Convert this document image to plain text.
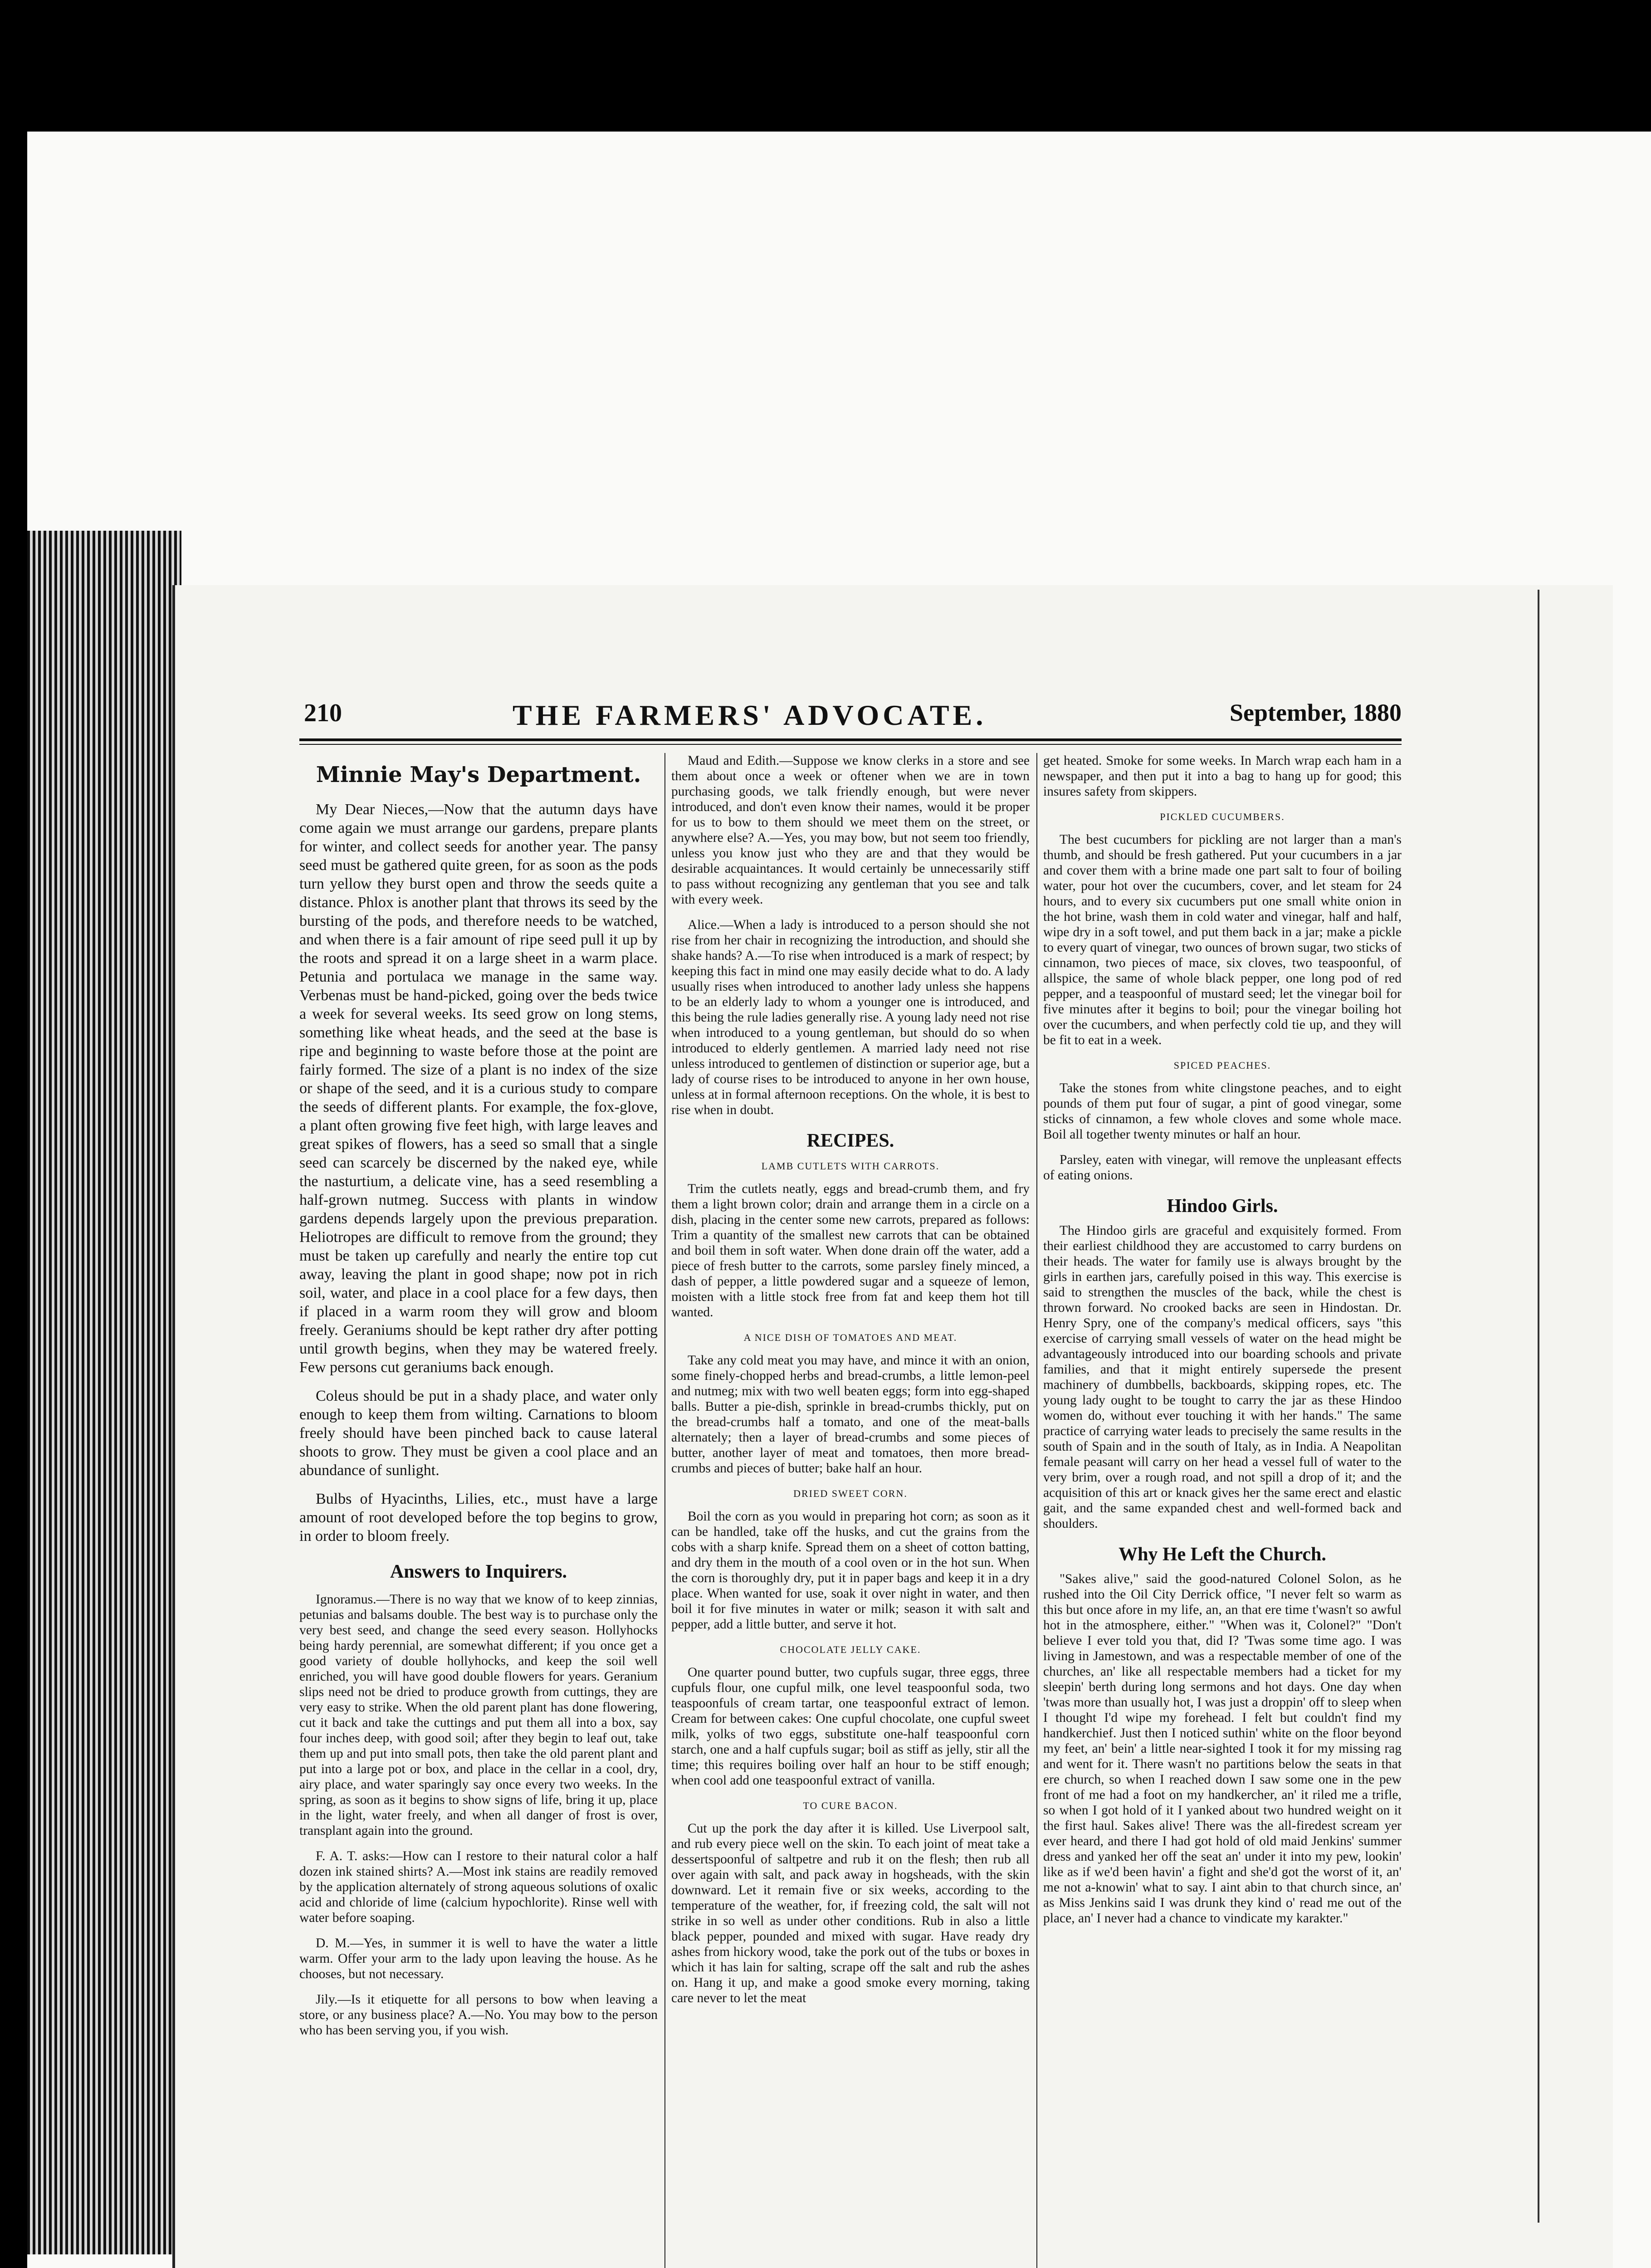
210	THE FARMERS' ADVOCATE.	September, 1880
Minnie May's Department.

My Dear Nieces,—Now that the autumn days have come again we must arrange our gardens, prepare plants for winter, and collect seeds for another year. The pansy seed must be gathered quite green, for as soon as the pods turn yellow they burst open and throw the seeds quite a distance. Phlox is another plant that throws its seed by the bursting of the pods, and therefore needs to be watched, and when there is a fair amount of ripe seed pull it up by the roots and spread it on a large sheet in a warm place. Petunia and portulaca we manage in the same way. Verbenas must be hand-picked, going over the beds twice a week for several weeks. Its seed grow on long stems, something like wheat heads, and the seed at the base is ripe and beginning to waste before those at the point are fairly formed. The size of a plant is no index of the size or shape of the seed, and it is a curious study to compare the seeds of different plants. For example, the fox-glove, a plant often growing five feet high, with large leaves and great spikes of flowers, has a seed so small that a single seed can scarcely be discerned by the naked eye, while the nasturtium, a delicate vine, has a seed resembling a half-grown nutmeg. Success with plants in window gardens depends largely upon the previous preparation. Heliotropes are difficult to remove from the ground; they must be taken up carefully and nearly the entire top cut away, leaving the plant in good shape; now pot in rich soil, water, and place in a cool place for a few days, then if placed in a warm room they will grow and bloom freely. Geraniums should be kept rather dry after potting until growth begins, when they may be watered freely. Few persons cut geraniums back enough.

Coleus should be put in a shady place, and water only enough to keep them from wilting. Carnations to bloom freely should have been pinched back to cause lateral shoots to grow. They must be given a cool place and an abundance of sunlight.

Bulbs of Hyacinths, Lilies, etc., must have a large amount of root developed before the top begins to grow, in order to bloom freely.

Answers to Inquirers.

Ignoramus.—There is no way that we know of to keep zinnias, petunias and balsams double. The best way is to purchase only the very best seed, and change the seed every season. Hollyhocks being hardy perennial, are somewhat different; if you once get a good variety of double hollyhocks, and keep the soil well enriched, you will have good double flowers for years. Geranium slips need not be dried to produce growth from cuttings, they are very easy to strike. When the old parent plant has done flowering, cut it back and take the cuttings and put them all into a box, say four inches deep, with good soil; after they begin to leaf out, take them up and put into small pots, then take the old parent plant and put into a large pot or box, and place in the cellar in a cool, dry, airy place, and water sparingly say once every two weeks. In the spring, as soon as it begins to show signs of life, bring it up, place in the light, water freely, and when all danger of frost is over, transplant again into the ground.

F. A. T. asks:—How can I restore to their natural color a half dozen ink stained shirts? A.—Most ink stains are readily removed by the application alternately of strong aqueous solutions of oxalic acid and chloride of lime (calcium hypochlorite). Rinse well with water before soaping.

D. M.—Yes, in summer it is well to have the water a little warm. Offer your arm to the lady upon leaving the house. As he chooses, but not necessary.

Jily.—Is it etiquette for all persons to bow when leaving a store, or any business place? A.—No. You may bow to the person who has been serving you, if you wish.

Maud and Edith.—Suppose we know clerks in a store and see them about once a week or oftener when we are in town purchasing goods, we talk friendly enough, but were never introduced, and don't even know their names, would it be proper for us to bow to them should we meet them on the street, or anywhere else? A.—Yes, you may bow, but not seem too friendly, unless you know just who they are and that they would be desirable acquaintances. It would certainly be unnecessarily stiff to pass without recognizing any gentleman that you see and talk with every week.

Alice.—When a lady is introduced to a person should she not rise from her chair in recognizing the introduction, and should she shake hands? A.—To rise when introduced is a mark of respect; by keeping this fact in mind one may easily decide what to do. A lady usually rises when introduced to another lady unless she happens to be an elderly lady to whom a younger one is introduced, and this being the rule ladies generally rise. A young lady need not rise when introduced to a young gentleman, but should do so when introduced to elderly gentlemen. A married lady need not rise unless introduced to gentlemen of distinction or superior age, but a lady of course rises to be introduced to anyone in her own house, unless at in formal afternoon receptions. On the whole, it is best to rise when in doubt.

RECIPES.
LAMB CUTLETS WITH CARROTS.

Trim the cutlets neatly, eggs and bread-crumb them, and fry them a light brown color; drain and arrange them in a circle on a dish, placing in the center some new carrots, prepared as follows: Trim a quantity of the smallest new carrots that can be obtained and boil them in soft water. When done drain off the water, add a piece of fresh butter to the carrots, some parsley finely minced, a dash of pepper, a little powdered sugar and a squeeze of lemon, moisten with a little stock free from fat and keep them hot till wanted.

A NICE DISH OF TOMATOES AND MEAT.

Take any cold meat you may have, and mince it with an onion, some finely-chopped herbs and bread-crumbs, a little lemon-peel and nutmeg; mix with two well beaten eggs; form into egg-shaped balls. Butter a pie-dish, sprinkle in bread-crumbs thickly, put on the bread-crumbs half a tomato, and one of the meat-balls alternately; then a layer of bread-crumbs and some pieces of butter, another layer of meat and tomatoes, then more bread-crumbs and pieces of butter; bake half an hour.

DRIED SWEET CORN.

Boil the corn as you would in preparing hot corn; as soon as it can be handled, take off the husks, and cut the grains from the cobs with a sharp knife. Spread them on a sheet of cotton batting, and dry them in the mouth of a cool oven or in the hot sun. When the corn is thoroughly dry, put it in paper bags and keep it in a dry place. When wanted for use, soak it over night in water, and then boil it for five minutes in water or milk; season it with salt and pepper, add a little butter, and serve it hot.

CHOCOLATE JELLY CAKE.

One quarter pound butter, two cupfuls sugar, three eggs, three cupfuls flour, one cupful milk, one level teaspoonful soda, two teaspoonfuls of cream tartar, one teaspoonful extract of lemon. Cream for between cakes: One cupful chocolate, one cupful sweet milk, yolks of two eggs, substitute one-half teaspoonful corn starch, one and a half cupfuls sugar; boil as stiff as jelly, stir all the time; this requires boiling over half an hour to be stiff enough; when cool add one teaspoonful extract of vanilla.

TO CURE BACON.

Cut up the pork the day after it is killed. Use Liverpool salt, and rub every piece well on the skin. To each joint of meat take a dessertspoonful of saltpetre and rub it on the flesh; then rub all over again with salt, and pack away in hogsheads, with the skin downward. Let it remain five or six weeks, according to the temperature of the weather, for, if freezing cold, the salt will not strike in so well as under other conditions. Rub in also a little black pepper, pounded and mixed with sugar. Have ready dry ashes from hickory wood, take the pork out of the tubs or boxes in which it has lain for salting, scrape off the salt and rub the ashes on. Hang it up, and make a good smoke every morning, taking care never to let the meat

get heated. Smoke for some weeks. In March wrap each ham in a newspaper, and then put it into a bag to hang up for good; this insures safety from skippers.

PICKLED CUCUMBERS.

The best cucumbers for pickling are not larger than a man's thumb, and should be fresh gathered. Put your cucumbers in a jar and cover them with a brine made one part salt to four of boiling water, pour hot over the cucumbers, cover, and let steam for 24 hours, and to every six cucumbers put one small white onion in the hot brine, wash them in cold water and vinegar, half and half, wipe dry in a soft towel, and put them back in a jar; make a pickle to every quart of vinegar, two ounces of brown sugar, two sticks of cinnamon, two pieces of mace, six cloves, two teaspoonful, of allspice, the same of whole black pepper, one long pod of red pepper, and a teaspoonful of mustard seed; let the vinegar boil for five minutes after it begins to boil; pour the vinegar boiling hot over the cucumbers, and when perfectly cold tie up, and they will be fit to eat in a week.

SPICED PEACHES.

Take the stones from white clingstone peaches, and to eight pounds of them put four of sugar, a pint of good vinegar, some sticks of cinnamon, a few whole cloves and some whole mace. Boil all together twenty minutes or half an hour.

Parsley, eaten with vinegar, will remove the unpleasant effects of eating onions.

Hindoo Girls.

The Hindoo girls are graceful and exquisitely formed. From their earliest childhood they are accustomed to carry burdens on their heads. The water for family use is always brought by the girls in earthen jars, carefully poised in this way. This exercise is said to strengthen the muscles of the back, while the chest is thrown forward. No crooked backs are seen in Hindostan. Dr. Henry Spry, one of the company's medical officers, says "this exercise of carrying small vessels of water on the head might be advantageously introduced into our boarding schools and private families, and that it might entirely supersede the present machinery of dumbbells, backboards, skipping ropes, etc. The young lady ought to be tought to carry the jar as these Hindoo women do, without ever touching it with her hands." The same practice of carrying water leads to precisely the same results in the south of Spain and in the south of Italy, as in India. A Neapolitan female peasant will carry on her head a vessel full of water to the very brim, over a rough road, and not spill a drop of it; and the acquisition of this art or knack gives her the same erect and elastic gait, and the same expanded chest and well-formed back and shoulders.

Why He Left the Church.

"Sakes alive," said the good-natured Colonel Solon, as he rushed into the Oil City Derrick office, "I never felt so warm as this but once afore in my life, an, an that ere time t'wasn't so awful hot in the atmosphere, either." "When was it, Colonel?" "Don't believe I ever told you that, did I? 'Twas some time ago. I was living in Jamestown, and was a respectable member of one of the churches, an' like all respectable members had a ticket for my sleepin' berth during long sermons and hot days. One day when 'twas more than usually hot, I was just a droppin' off to sleep when I thought I'd wipe my forehead. I felt but couldn't find my handkerchief. Just then I noticed suthin' white on the floor beyond my feet, an' bein' a little near-sighted I took it for my missing rag and went for it. There wasn't no partitions below the seats in that ere church, so when I reached down I saw some one in the pew front of me had a foot on my handkercher, an' it riled me a trifle, so when I got hold of it I yanked about two hundred weight on it the first haul. Sakes alive! There was the all-firedest scream yer ever heard, and there I had got hold of old maid Jenkins' summer dress and yanked her off the seat an' under it into my pew, lookin' like as if we'd been havin' a fight and she'd got the worst of it, an' me not a-knowin' what to say. I aint abin to that church since, an' as Miss Jenkins said I was drunk they kind o' read me out of the place, an' I never had a chance to vindicate my karakter."
